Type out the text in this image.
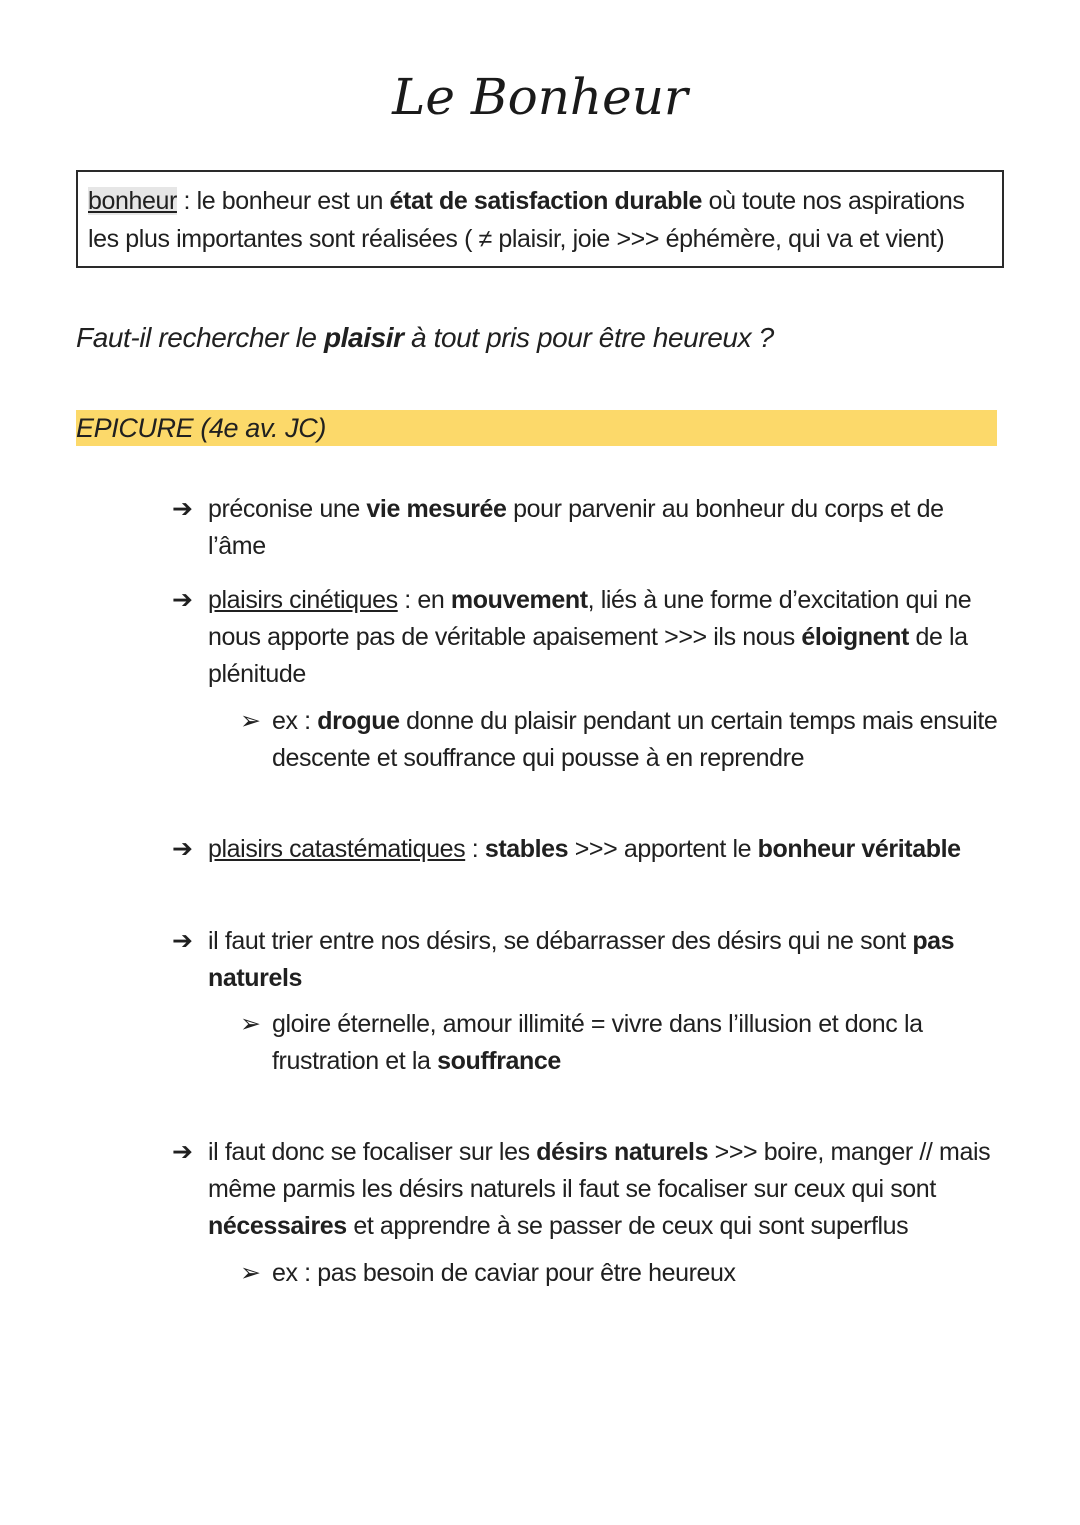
Le Bonheur
bonheur : le bonheur est un état de satisfaction durable où toute nos aspirations les plus importantes sont réalisées ( ≠ plaisir, joie >>> éphémère, qui va et vient)
Faut-il rechercher le plaisir à tout pris pour être heureux ?
EPICURE (4e av. JC)
➔ préconise une vie mesurée pour parvenir au bonheur du corps et de l’âme
➔ plaisirs cinétiques : en mouvement, liés à une forme d’excitation qui ne nous apporte pas de véritable apaisement >>> ils nous éloignent de la plénitude
➢ ex : drogue donne du plaisir pendant un certain temps mais ensuite descente et souffrance qui pousse à en reprendre
➔ plaisirs catastématiques : stables >>> apportent le bonheur véritable
➔ il faut trier entre nos désirs, se débarrasser des désirs qui ne sont pas naturels
➢ gloire éternelle, amour illimité = vivre dans l’illusion et donc la frustration et la souffrance
➔ il faut donc se focaliser sur les désirs naturels >>> boire, manger // mais même parmis les désirs naturels il faut se focaliser sur ceux qui sont nécessaires et apprendre à se passer de ceux qui sont superflus
➢ ex : pas besoin de caviar pour être heureux
